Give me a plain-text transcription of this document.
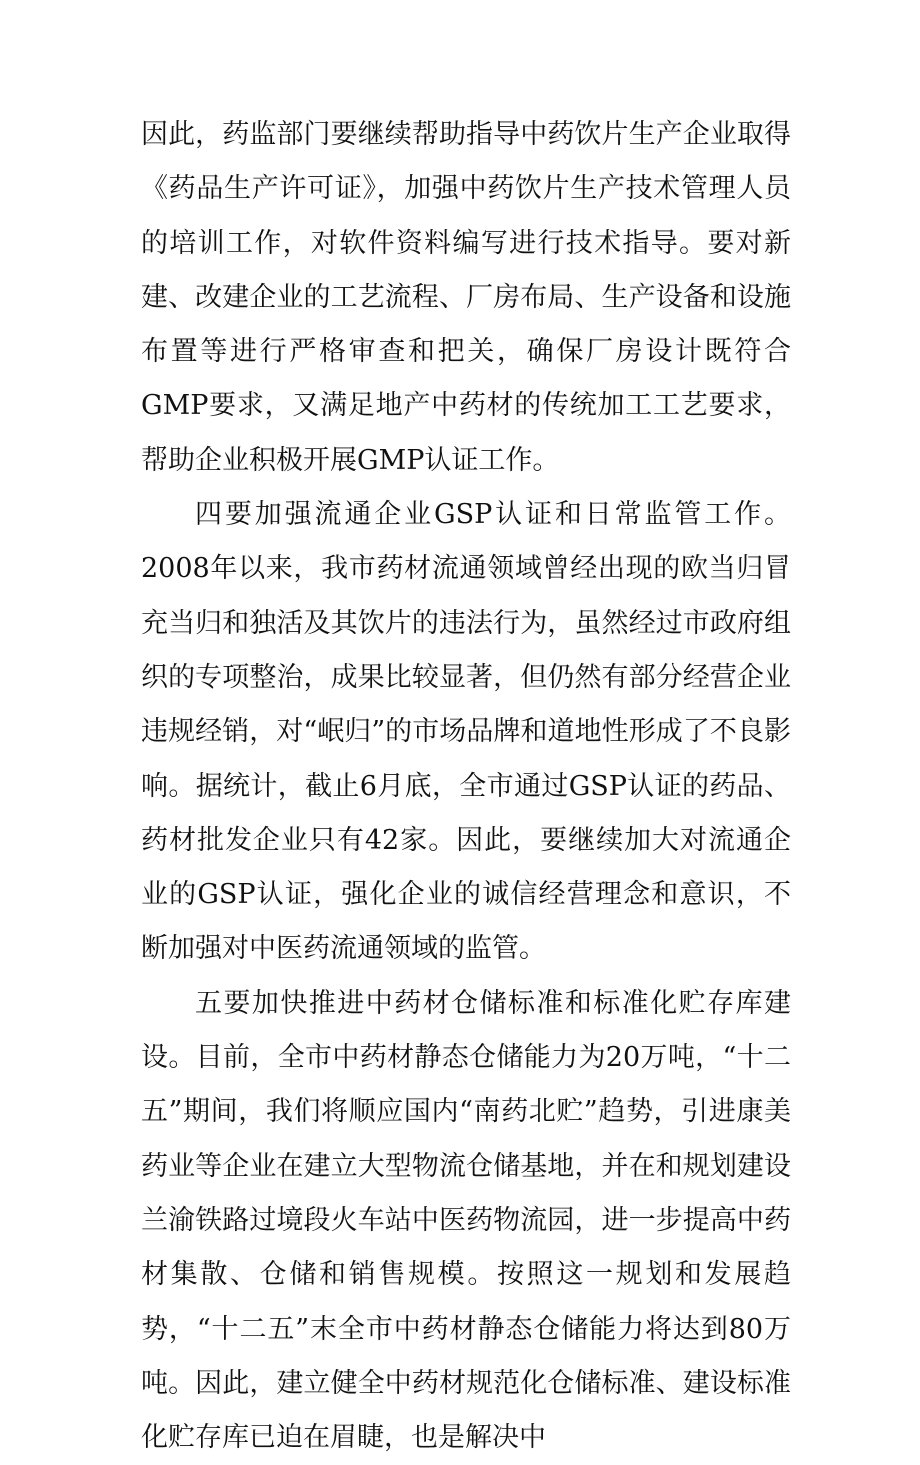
因此，药监部门要继续帮助指导中药饮片生产企业取得《药品生产许可证》，加强中药饮片生产技术管理人员的培训工作，对软件资料编写进行技术指导。要对新建、改建企业的工艺流程、厂房布局、生产设备和设施布置等进行严格审查和把关，确保厂房设计既符合GMP要求，又满足地产中药材的传统加工工艺要求，帮助企业积极开展GMP认证工作。

四要加强流通企业GSP认证和日常监管工作。2008年以来，我市药材流通领域曾经出现的欧当归冒充当归和独活及其饮片的违法行为，虽然经过市政府组织的专项整治，成果比较显著，但仍然有部分经营企业违规经销，对“岷归”的市场品牌和道地性形成了不良影响。据统计，截止6月底，全市通过GSP认证的药品、药材批发企业只有42家。因此，要继续加大对流通企业的GSP认证，强化企业的诚信经营理念和意识，不断加强对中医药流通领域的监管。

五要加快推进中药材仓储标准和标准化贮存库建设。目前，全市中药材静态仓储能力为20万吨，“十二五”期间，我们将顺应国内“南药北贮”趋势，引进康美药业等企业在建立大型物流仓储基地，并在和规划建设兰渝铁路过境段火车站中医药物流园，进一步提高中药材集散、仓储和销售规模。按照这一规划和发展趋势，“十二五”末全市中药材静态仓储能力将达到80万吨。因此，建立健全中药材规范化仓储标准、建设标准化贮存库已迫在眉睫，也是解决中
